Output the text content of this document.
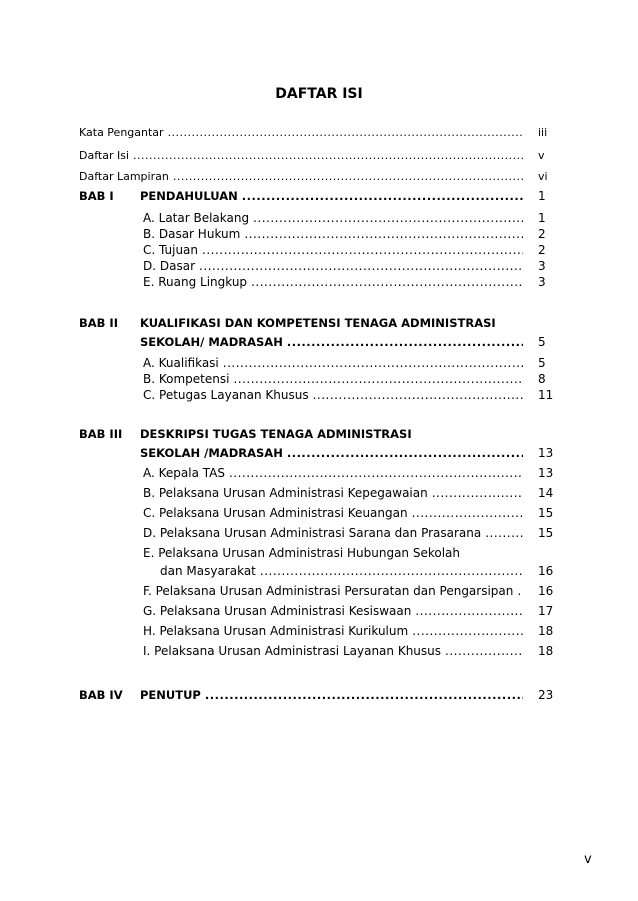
DAFTAR ISI
Kata Pengantar .....	iii
Daftar Isi .....	v
Daftar Lampiran .....	vi
BAB I PENDAHULUAN .....	1
A. Latar Belakang .....	1
B. Dasar Hukum .....	2
C. Tujuan .....	2
D. Dasar .....	3
E. Ruang Lingkup .....	3
BAB II KUALIFIKASI DAN KOMPETENSI TENAGA ADMINISTRASI
SEKOLAH/ MADRASAH .....	5
A. Kualifikasi .....	5
B. Kompetensi .....	8
C. Petugas Layanan Khusus .....	11
BAB III DESKRIPSI TUGAS TENAGA ADMINISTRASI
SEKOLAH /MADRASAH .....	13
A. Kepala TAS .....	13
B. Pelaksana Urusan Administrasi Kepegawaian .....	14
C. Pelaksana Urusan Administrasi Keuangan .....	15
D. Pelaksana Urusan Administrasi Sarana dan Prasarana .....	15
E. Pelaksana Urusan Administrasi Hubungan Sekolah
dan Masyarakat .....	16
F. Pelaksana Urusan Administrasi Persuratan dan Pengarsipan ..... 16
G. Pelaksana Urusan Administrasi Kesiswaan .....	17
H. Pelaksana Urusan Administrasi Kurikulum .....	18
I. Pelaksana Urusan Administrasi Layanan Khusus .....	18
BAB IV PENUTUP .....	23
v
